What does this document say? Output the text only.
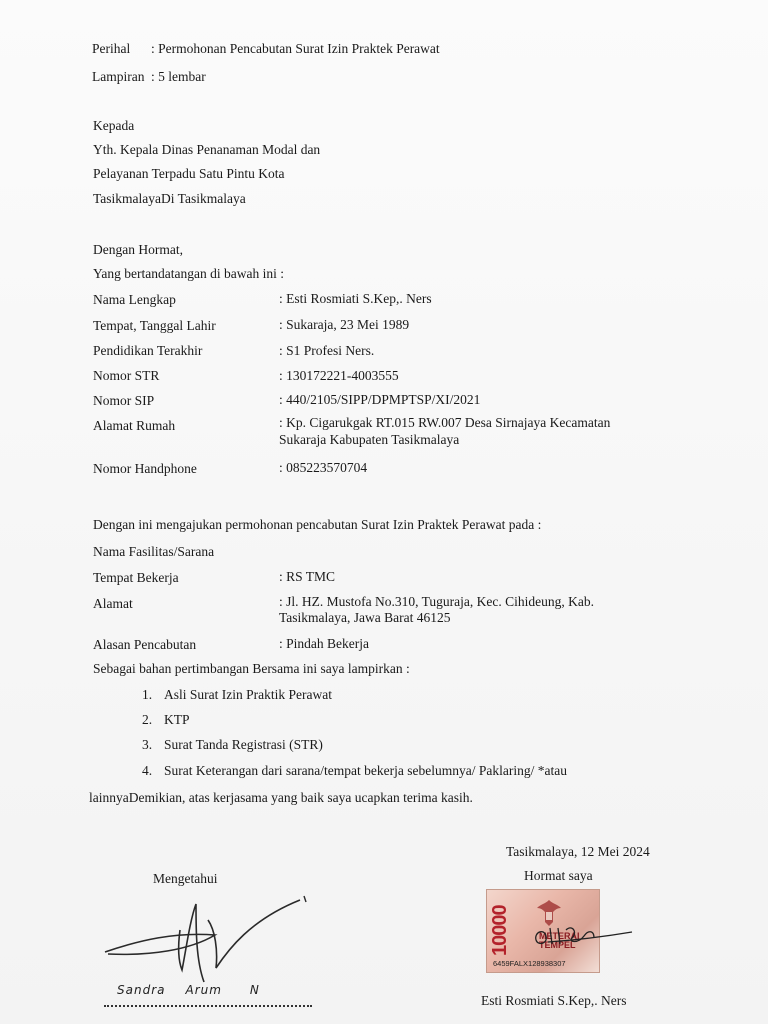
Perihal : Permohonan Pencabutan Surat Izin Praktek Perawat
Lampiran : 5 lembar
Kepada
Yth. Kepala Dinas Penanaman Modal dan
Pelayanan Terpadu Satu Pintu Kota
TasikmalayaDi Tasikmalaya
Dengan Hormat,
Yang bertandatangan di bawah ini :
Nama Lengkap	: Esti Rosmiati S.Kep,. Ners
Tempat, Tanggal Lahir	: Sukaraja, 23 Mei 1989
Pendidikan Terakhir	: S1 Profesi Ners.
Nomor STR	: 130172221-4003555
Nomor SIP	: 440/2105/SIPP/DPMPTSP/XI/2021
Alamat Rumah	: Kp. Cigarukgak RT.015 RW.007 Desa Sirnajaya Kecamatan
Sukaraja Kabupaten Tasikmalaya
Nomor Handphone	: 085223570704
Dengan ini mengajukan permohonan pencabutan Surat Izin Praktek Perawat pada :
Nama Fasilitas/Sarana
Tempat Bekerja	: RS TMC
Alamat	: Jl. HZ. Mustofa No.310, Tuguraja, Kec. Cihideung, Kab.
Tasikmalaya, Jawa Barat 46125
Alasan Pencabutan	: Pindah Bekerja
Sebagai bahan pertimbangan Bersama ini saya lampirkan :
1. Asli Surat Izin Praktik Perawat
2. KTP
3. Surat Tanda Registrasi (STR)
4. Surat Keterangan dari sarana/tempat bekerja sebelumnya/ Paklaring/ *atau
lainnyaDemikian, atas kerjasama yang baik saya ucapkan terima kasih.
Tasikmalaya, 12 Mei 2024
Mengetahui	Hormat saya
Sandra Arum N
10000	METERAI
TEMPEL
6459FALX128938307
Esti Rosmiati S.Kep,. Ners
